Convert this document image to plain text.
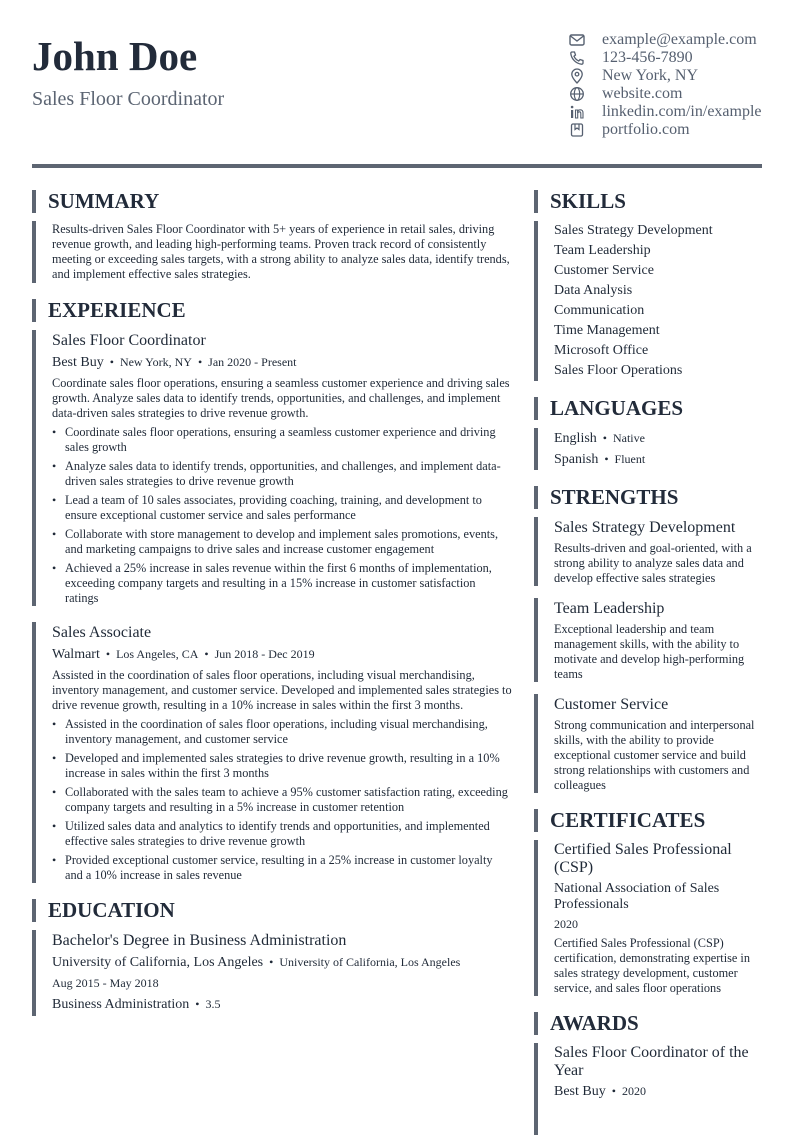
John Doe
Sales Floor Coordinator
example@example.com
123-456-7890
New York, NY
website.com
linkedin.com/in/example
portfolio.com
SUMMARY
Results-driven Sales Floor Coordinator with 5+ years of experience in retail sales, driving revenue growth, and leading high-performing teams. Proven track record of consistently meeting or exceeding sales targets, with a strong ability to analyze sales data, identify trends, and implement effective sales strategies.
EXPERIENCE
Sales Floor Coordinator
Best Buy • New York, NY • Jan 2020 - Present
Coordinate sales floor operations, ensuring a seamless customer experience and driving sales growth. Analyze sales data to identify trends, opportunities, and challenges, and implement data-driven sales strategies to drive revenue growth.
• Coordinate sales floor operations, ensuring a seamless customer experience and driving sales growth
• Analyze sales data to identify trends, opportunities, and challenges, and implement data-driven sales strategies to drive revenue growth
• Lead a team of 10 sales associates, providing coaching, training, and development to ensure exceptional customer service and sales performance
• Collaborate with store management to develop and implement sales promotions, events, and marketing campaigns to drive sales and increase customer engagement
• Achieved a 25% increase in sales revenue within the first 6 months of implementation, exceeding company targets and resulting in a 15% increase in customer satisfaction ratings
Sales Associate
Walmart • Los Angeles, CA • Jun 2018 - Dec 2019
Assisted in the coordination of sales floor operations, including visual merchandising, inventory management, and customer service. Developed and implemented sales strategies to drive revenue growth, resulting in a 10% increase in sales within the first 3 months.
• Assisted in the coordination of sales floor operations, including visual merchandising, inventory management, and customer service
• Developed and implemented sales strategies to drive revenue growth, resulting in a 10% increase in sales within the first 3 months
• Collaborated with the sales team to achieve a 95% customer satisfaction rating, exceeding company targets and resulting in a 5% increase in customer retention
• Utilized sales data and analytics to identify trends and opportunities, and implemented effective sales strategies to drive revenue growth
• Provided exceptional customer service, resulting in a 25% increase in customer loyalty and a 10% increase in sales revenue
EDUCATION
Bachelor's Degree in Business Administration
University of California, Los Angeles • University of California, Los Angeles
Aug 2015 - May 2018
Business Administration • 3.5
SKILLS
Sales Strategy Development
Team Leadership
Customer Service
Data Analysis
Communication
Time Management
Microsoft Office
Sales Floor Operations
LANGUAGES
English • Native
Spanish • Fluent
STRENGTHS
Sales Strategy Development
Results-driven and goal-oriented, with a strong ability to analyze sales data and develop effective sales strategies
Team Leadership
Exceptional leadership and team management skills, with the ability to motivate and develop high-performing teams
Customer Service
Strong communication and interpersonal skills, with the ability to provide exceptional customer service and build strong relationships with customers and colleagues
CERTIFICATES
Certified Sales Professional (CSP)
National Association of Sales Professionals
2020
Certified Sales Professional (CSP) certification, demonstrating expertise in sales strategy development, customer service, and sales floor operations
AWARDS
Sales Floor Coordinator of the Year
Best Buy • 2020
